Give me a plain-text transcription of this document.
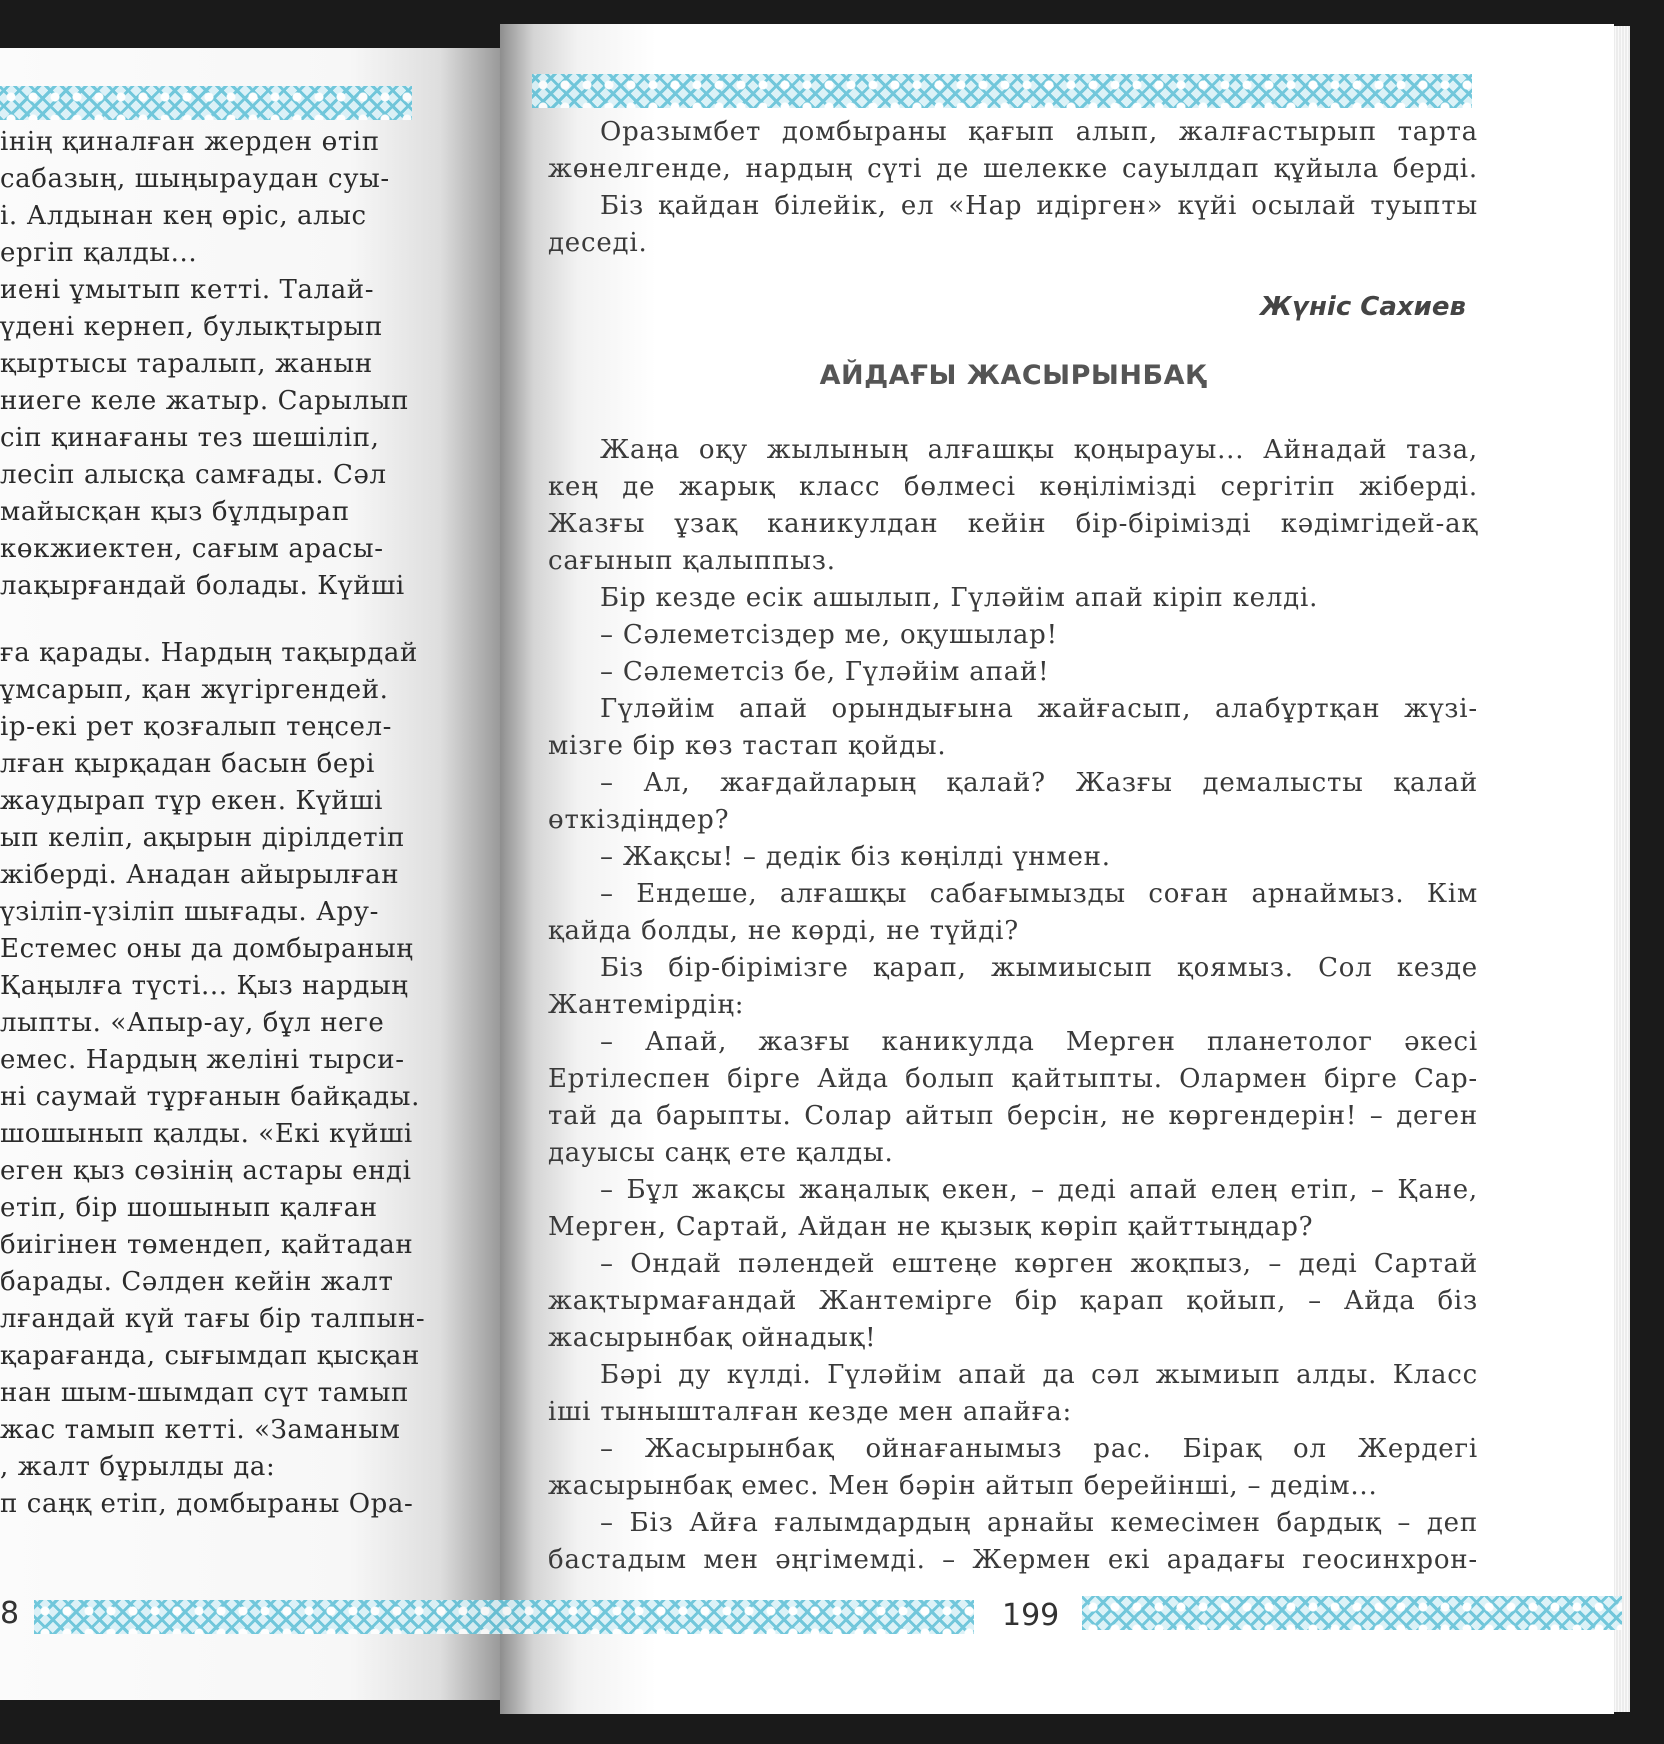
інің қиналған жерден өтіп
сабазың, шыңыраудан суы-
і. Алдынан кең өріс, алыс
ергіп қалды...
иені ұмытып кетті. Талай-
үдені кернеп, булықтырып
қыртысы таралып, жанын
ниеге келе жатыр. Сарылып
сіп қинағаны тез шешіліп,
лесіп алысқа самғады. Сәл
майысқан қыз бұлдырап
көкжиектен, сағым арасы-
лақырғандай болады. Күйші
ға қарады. Нардың тақырдай
ұмсарып, қан жүгіргендей.
ір-екі рет қозғалып теңсел-
лған қырқадан басын бері
жаудырап тұр екен. Күйші
ып келіп, ақырын дірілдетіп
жіберді. Анадан айырылған
үзіліп-үзіліп шығады. Ару-
Естемес оны да домбыраның
Қаңылға түсті... Қыз нардың
лыпты. «Апыр-ау, бұл неге
емес. Нардың желіні тырси-
ні саумай тұрғанын байқады.
шошынып қалды. «Екі күйші
еген қыз сөзінің астары енді
етіп, бір шошынып қалған
биігінен төмендеп, қайтадан
барады. Сәлден кейін жалт
лғандай күй тағы бір талпын-
қарағанда, сығымдап қысқан
нан шым-шымдап сүт тамып
жас тамып кетті. «Заманым
, жалт бұрылды да:
п саңқ етіп, домбыраны Ора-
8
Оразымбет домбыраны қағып алып, жалғастырып тарта
жөнелгенде, нардың сүті де шелекке сауылдап құйыла берді.
Біз қайдан білейік, ел «Нар идірген» күйі осылай туыпты
деседі.
Жүніс Сахиев
АЙДАҒЫ ЖАСЫРЫНБАҚ
Жаңа оқу жылының алғашқы қоңырауы... Айнадай таза,
кең де жарық класс бөлмесі көңілімізді сергітіп жіберді.
Жазғы ұзақ каникулдан кейін бір-бірімізді кәдімгідей-ақ
сағынып қалыппыз.
Бір кезде есік ашылып, Гүләйім апай кіріп келді.
– Сәлеметсіздер ме, оқушылар!
– Сәлеметсіз бе, Гүләйім апай!
Гүләйім апай орындығына жайғасып, алабұртқан жүзі-
мізге бір көз тастап қойды.
– Ал, жағдайларың қалай? Жазғы демалысты қалай
өткіздіңдер?
– Жақсы! – дедік біз көңілді үнмен.
– Ендеше, алғашқы сабағымызды соған арнаймыз. Кім
қайда болды, не көрді, не түйді?
Біз бір-бірімізге қарап, жымиысып қоямыз. Сол кезде
Жантемірдің:
– Апай, жазғы каникулда Мерген планетолог әкесі
Ертілеспен бірге Айда болып қайтыпты. Олармен бірге Сар-
тай да барыпты. Солар айтып берсін, не көргендерін! – деген
дауысы саңқ ете қалды.
– Бұл жақсы жаңалық екен, – деді апай елең етіп, – Қане,
Мерген, Сартай, Айдан не қызық көріп қайттыңдар?
– Ондай пәлендей ештеңе көрген жоқпыз, – деді Сартай
жақтырмағандай Жантемірге бір қарап қойып, – Айда біз
жасырынбақ ойнадық!
Бәрі ду күлді. Гүләйім апай да сәл жымиып алды. Класс
іші тынышталған кезде мен апайға:
– Жасырынбақ ойнағанымыз рас. Бірақ ол Жердегі
жасырынбақ емес. Мен бәрін айтып берейінші, – дедім...
– Біз Айға ғалымдардың арнайы кемесімен бардық – деп
бастадым мен әңгімемді. – Жермен екі арадағы геосинхрон-
199
